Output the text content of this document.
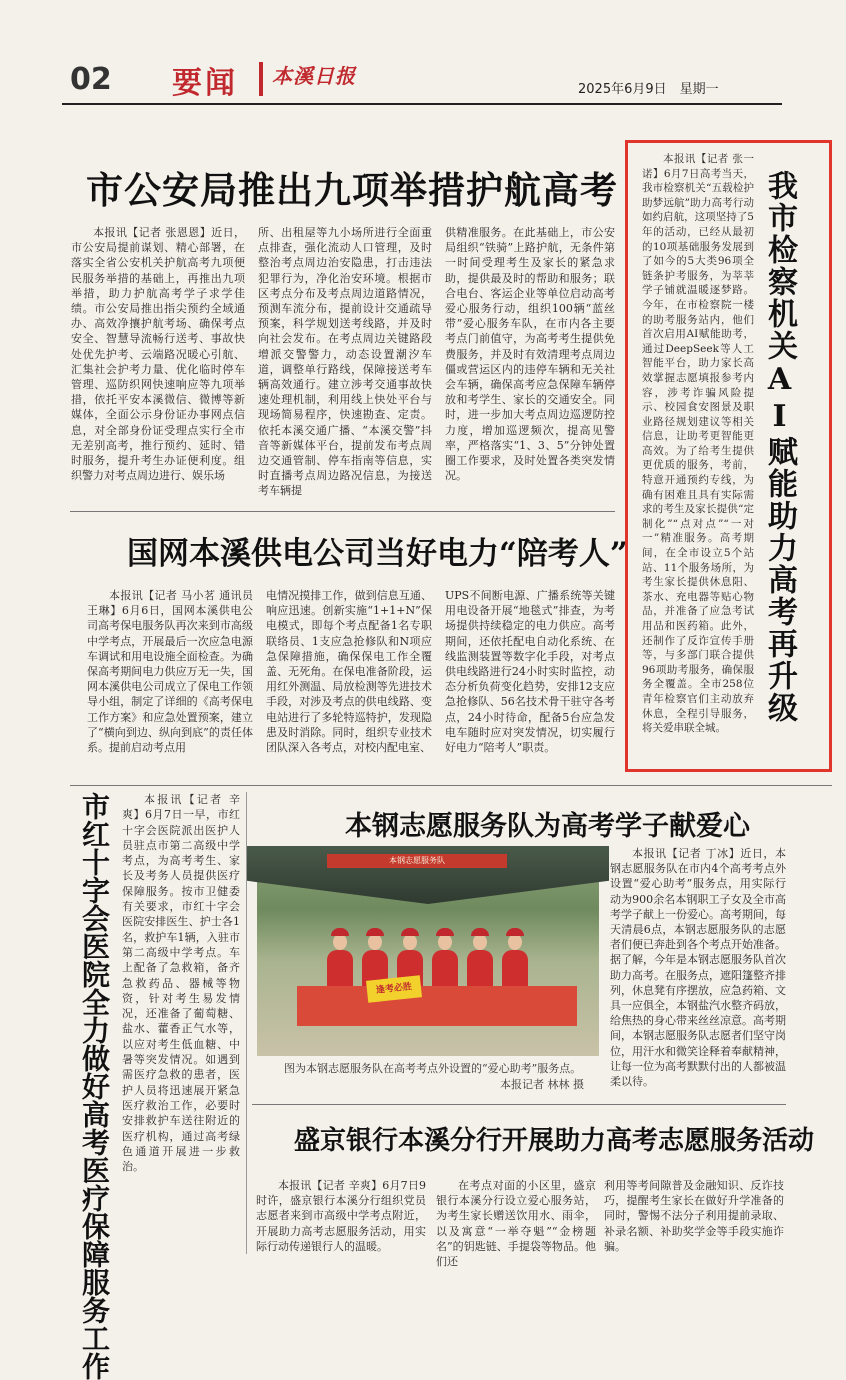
02 要闻 本溪日报
2025年6月9日　星期一
市公安局推出九项举措护航高考
本报讯【记者 张恩恩】近日，市公安局提前谋划、精心部署，在落实全省公安机关护航高考九项便民服务举措的基础上，再推出九项举措，助力护航高考学子求学佳绩。市公安局推出指尖预约全域通办、高效净攘护航考场、确保考点安全、智慧导流畅行送考、事故快处优先护考、云端路况暖心引航、汇集社会护考力量、优化临时停车管理、巡防织网快速响应等九项举措，依托平安本溪微信、微博等新媒体，全面公示身份证办事网点信息，对全部身份证受理点实行全市无差别高考，推行预约、延时、错时服务，提升考生办证便利度。组织警力对考点周边进行、娱乐场
所、出租屋等九小场所进行全面重点排查，强化流动人口管理，及时整治考点周边治安隐患，打击违法犯罪行为，净化治安环境。根据市区考点分布及考点周边道路情况，预测车流分布，提前设计交通疏导预案，科学规划送考线路，并及时向社会发布。在考点周边关键路段增派交警警力，动态设置潮汐车道，调整单行路线，保障接送考车辆高效通行。建立涉考交通事故快速处理机制，利用线上快处平台与现场简易程序，快速勘查、定责。依托本溪交通广播、“本溪交警”抖音等新媒体平台，提前发布考点周边交通管制、停车指南等信息，实时直播考点周边路况信息，为接送考车辆提
供精准服务。在此基础上，市公安局组织“铁骑”上路护航，无条件第一时间受理考生及家长的紧急求助，提供最及时的帮助和服务；联合电台、客运企业等单位启动高考爱心服务行动，组织100辆“蓝丝带”爱心服务车队，在市内各主要考点门前值守，为高考考生提供免费服务，并及时有效清理考点周边僵或营运区内的违停车辆和无关社会车辆，确保高考应急保障车辆停放和考学生、家长的交通安全。同时，进一步加大考点周边巡逻防控力度，增加巡逻频次，提高见警率，严格落实“1、3、5”分钟处置圈工作要求，及时处置各类突发情况。
国网本溪供电公司当好电力“陪考人”
本报讯【记者 马小茗 通讯员 王琳】6月6日，国网本溪供电公司高考保电服务队再次来到市高级中学考点，开展最后一次应急电源车调试和用电设施全面检查。为确保高考期间电力供应万无一失，国网本溪供电公司成立了保电工作领导小组，制定了详细的《高考保电工作方案》和应急处置预案，建立了“横向到边、纵向到底”的责任体系。提前启动考点用
电情况摸排工作，做到信息互通、响应迅速。创新实施“1+1+N”保电模式，即每个考点配备1名专职联络员、1支应急抢修队和N项应急保障措施，确保保电工作全覆盖、无死角。在保电准备阶段，运用红外测温、局放检测等先进技术手段，对涉及考点的供电线路、变电站进行了多轮特巡特护，发现隐患及时消除。同时，组织专业技术团队深入各考点，对校内配电室、
UPS不间断电源、广播系统等关键用电设备开展“地毯式”排查，为考场提供持续稳定的电力供应。高考期间，还依托配电自动化系统、在线监测装置等数字化手段，对考点供电线路进行24小时实时监控，动态分析负荷变化趋势，安排12支应急抢修队、56名技术骨干驻守各考点，24小时待命，配备5台应急发电车随时应对突发情况，切实履行好电力“陪考人”职责。
我市检察机关AI赋能助力高考再升级
本报讯【记者 张一诺】6月7日高考当天，我市检察机关“五载检护 助梦远航”助力高考行动如约启航，这项坚持了5年的活动，已经从最初的10项基础服务发展到了如今的5大类96项全链条护考服务，为莘莘学子铺就温暖逐梦路。今年，在市检察院一楼的助考服务站内，他们首次启用AI赋能助考，通过DeepSeek等人工智能平台，助力家长高效掌握志愿填报参考内容，涉考诈骗风险提示、校园食安图景及职业路径规划建议等相关信息，让助考更智能更高效。为了给考生提供更优质的服务，考前，特意开通预约专线，为确有困难且具有实际需求的考生及家长提供“定制化”“点对点”“一对一”精准服务。高考期间，在全市设立5个站站、11个服务场所，为考生家长提供休息阳、茶水、充电器等贴心物品，并准备了应急考试用品和医药箱。此外，还制作了反诈宣传手册等，与多部门联合提供96项助考服务，确保服务全覆盖。全市258位青年检察官们主动放弃休息，全程引导服务，将关爱串联全城。
市红十字会医院全力做好高考医疗保障服务工作	本报讯【记者 辛爽】6月7日一早，市红十字会医院派出医护人员驻点市第二高级中学考点，为高考考生、家长及考务人员提供医疗保障服务。按市卫健委有关要求，市红十字会医院安排医生、护士各1名，救护车1辆，入驻市第二高级中学考点。车上配备了急救箱，备齐急救药品、器械等物资，针对考生易发情况，还准备了葡萄糖、盐水、藿香正气水等，以应对考生低血糖、中暑等突发情况。如遇到需医疗急救的患者，医护人员将迅速展开紧急医疗救治工作，必要时安排救护车送往附近的医疗机构，通过高考绿色通道开展进一步救治。
本钢志愿服务队为高考学子献爱心
本钢志愿服务队
逢考必胜
图为本钢志愿服务队在高考考点外设置的“爱心助考”服务点。
本报记者 林林 摄
本报讯【记者 丁冰】近日，本钢志愿服务队在市内4个高考考点外设置“爱心助考”服务点，用实际行动为900余名本钢职工子女及全市高考学子献上一份爱心。高考期间，每天清晨6点，本钢志愿服务队的志愿者们便已奔赴到各个考点开始准备。据了解，今年是本钢志愿服务队首次助力高考。在服务点，遮阳篷整齐排列，休息凳有序摆放，应急药箱、文具一应俱全，本钢盐汽水整齐码放，给焦热的身心带来丝丝凉意。高考期间，本钢志愿服务队志愿者们坚守岗位，用汗水和微笑诠释着奉献精神，让每一位为高考默默付出的人都被温柔以待。
盛京银行本溪分行开展助力高考志愿服务活动
本报讯【记者 辛爽】6月7日9时许，盛京银行本溪分行组织党员志愿者来到市高级中学考点附近，开展助力高考志愿服务活动，用实际行动传递银行人的温暖。
在考点对面的小区里，盛京银行本溪分行设立爱心服务站，为考生家长赠送饮用水、雨伞，以及寓意“一举夺魁”“金榜题名”的钥匙链、手提袋等物品。他们还
利用等考间隙普及金融知识、反诈技巧，提醒考生家长在做好升学准备的同时，警惕不法分子利用提前录取、补录名额、补助奖学金等手段实施诈骗。
